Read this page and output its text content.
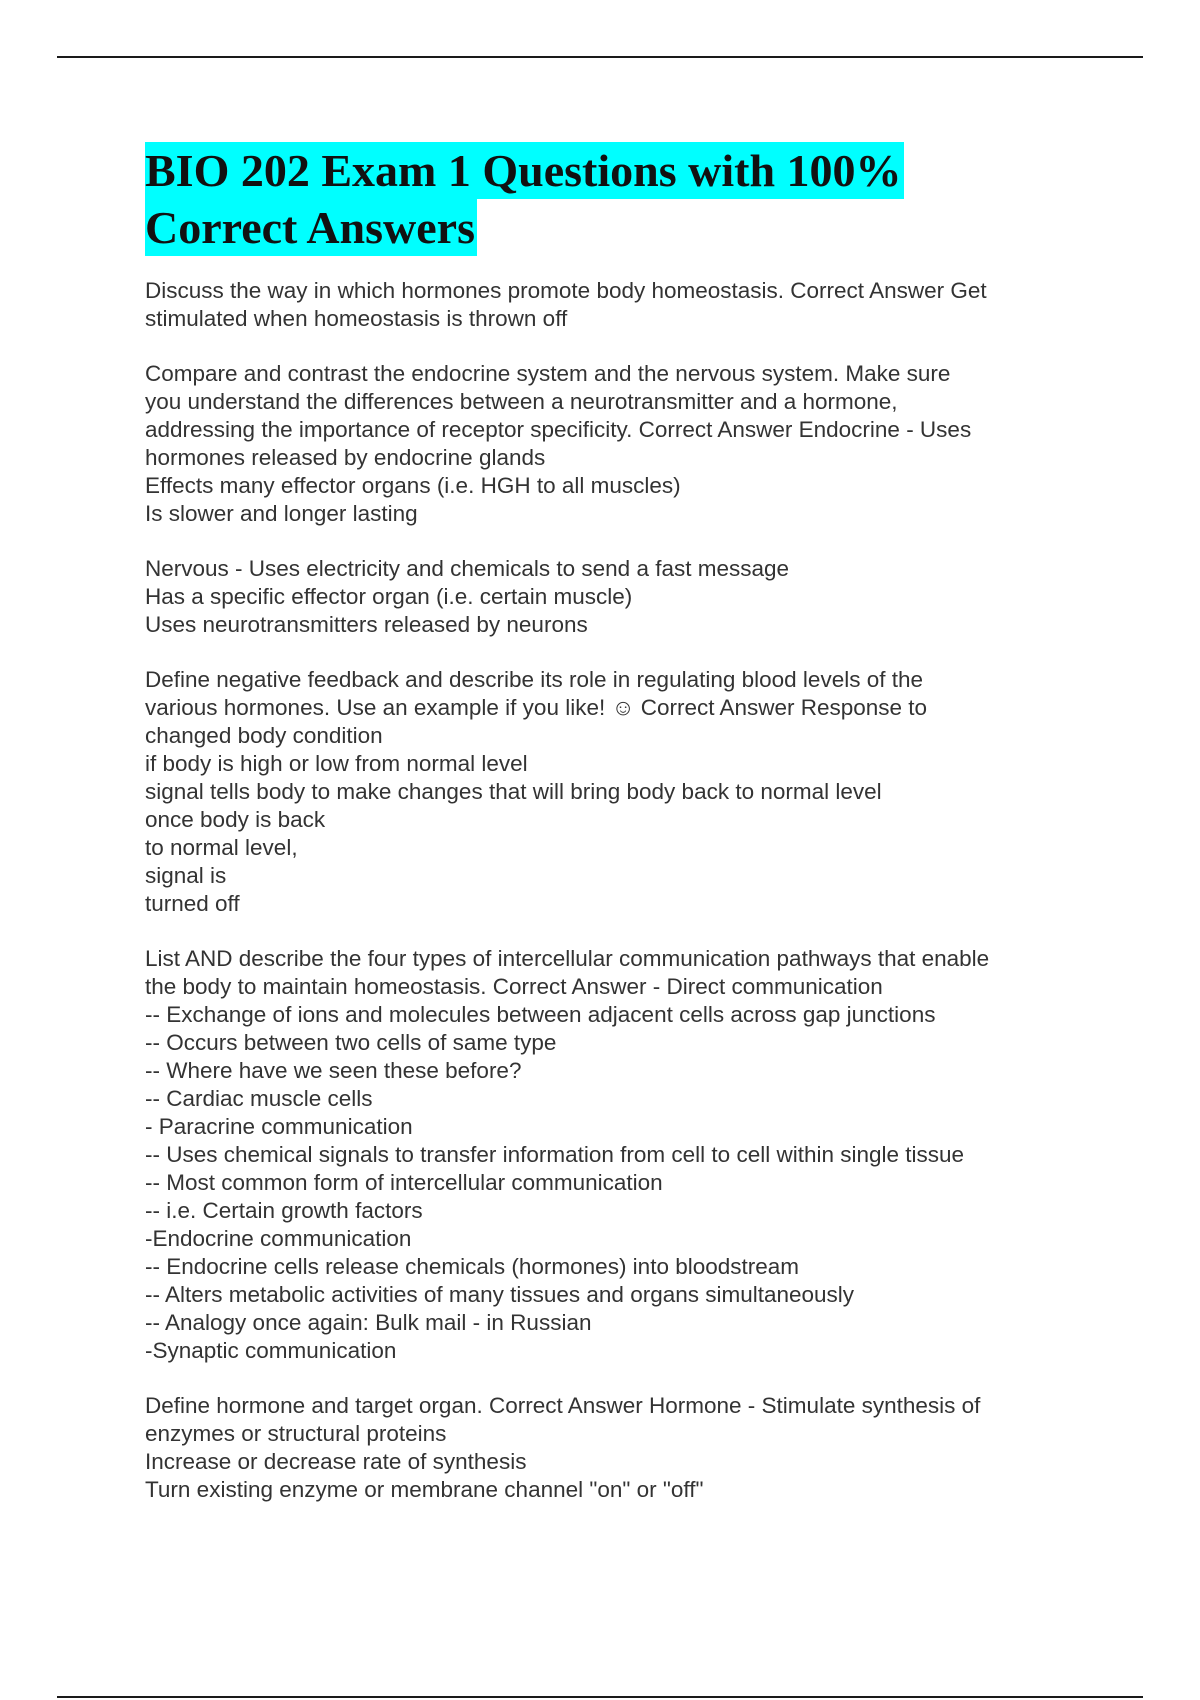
BIO 202 Exam 1 Questions with 100%
Correct Answers
Discuss the way in which hormones promote body homeostasis. Correct Answer Get
stimulated when homeostasis is thrown off
Compare and contrast the endocrine system and the nervous system. Make sure
you understand the differences between a neurotransmitter and a hormone,
addressing the importance of receptor specificity. Correct Answer Endocrine - Uses
hormones released by endocrine glands
Effects many effector organs (i.e. HGH to all muscles)
Is slower and longer lasting
Nervous - Uses electricity and chemicals to send a fast message
Has a specific effector organ (i.e. certain muscle)
Uses neurotransmitters released by neurons
Define negative feedback and describe its role in regulating blood levels of the
various hormones. Use an example if you like! ☺ Correct Answer Response to
changed body condition
if body is high or low from normal level
signal tells body to make changes that will bring body back to normal level
once body is back
to normal level,
signal is
turned off
List AND describe the four types of intercellular communication pathways that enable
the body to maintain homeostasis. Correct Answer - Direct communication
-- Exchange of ions and molecules between adjacent cells across gap junctions
-- Occurs between two cells of same type
-- Where have we seen these before?
-- Cardiac muscle cells
- Paracrine communication
-- Uses chemical signals to transfer information from cell to cell within single tissue
-- Most common form of intercellular communication
-- i.e. Certain growth factors
-Endocrine communication
-- Endocrine cells release chemicals (hormones) into bloodstream
-- Alters metabolic activities of many tissues and organs simultaneously
-- Analogy once again: Bulk mail - in Russian
-Synaptic communication
Define hormone and target organ. Correct Answer Hormone - Stimulate synthesis of
enzymes or structural proteins
Increase or decrease rate of synthesis
Turn existing enzyme or membrane channel "on" or "off"
